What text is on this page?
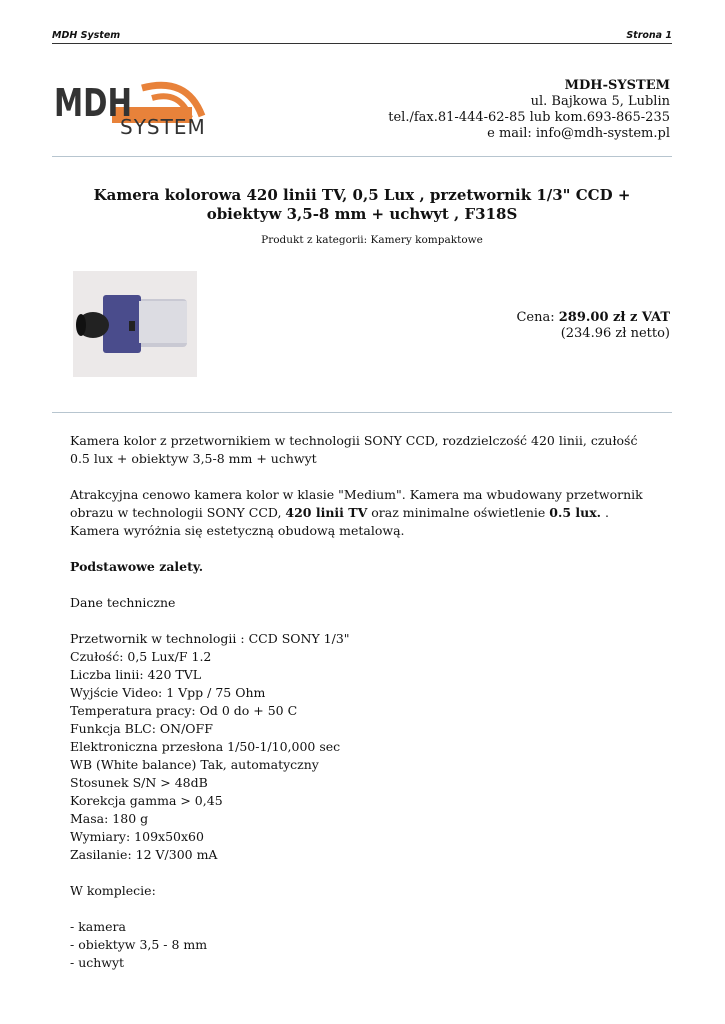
MDH System	Strona 1
MDH
SYSTEM
MDH-SYSTEM
ul. Bajkowa 5, Lublin
tel./fax.81-444-62-85 lub kom.693-865-235
e mail: info@mdh-system.pl
Kamera kolorowa 420 linii TV, 0,5 Lux , przetwornik 1/3" CCD + obiektyw 3,5-8 mm + uchwyt , F318S
Produkt z kategorii: Kamery kompaktowe
Cena: 289.00 zł z VAT
(234.96 zł netto)

Kamera kolor z przetwornikiem w technologii SONY CCD, rozdzielczość 420 linii, czułość 0.5 lux + obiektyw 3,5-8 mm + uchwyt

Atrakcyjna cenowo kamera kolor w klasie "Medium". Kamera ma wbudowany przetwornik obrazu w technologii SONY CCD, 420 linii TV oraz minimalne oświetlenie 0.5 lux. . Kamera wyróżnia się estetyczną obudową metalową.

Podstawowe zalety.

Dane techniczne

Przetwornik w technologii : CCD SONY 1/3"

Czułość: 0,5 Lux/F 1.2

Liczba linii: 420 TVL

Wyjście Video: 1 Vpp / 75 Ohm

Temperatura pracy: Od 0 do + 50 C

Funkcja BLC: ON/OFF

Elektroniczna przesłona 1/50-1/10,000 sec

WB (White balance) Tak, automatyczny

Stosunek S/N > 48dB

Korekcja gamma > 0,45

Masa: 180 g

Wymiary: 109x50x60

Zasilanie: 12 V/300 mA

W komplecie:

- kamera

- obiektyw 3,5 - 8 mm

- uchwyt
